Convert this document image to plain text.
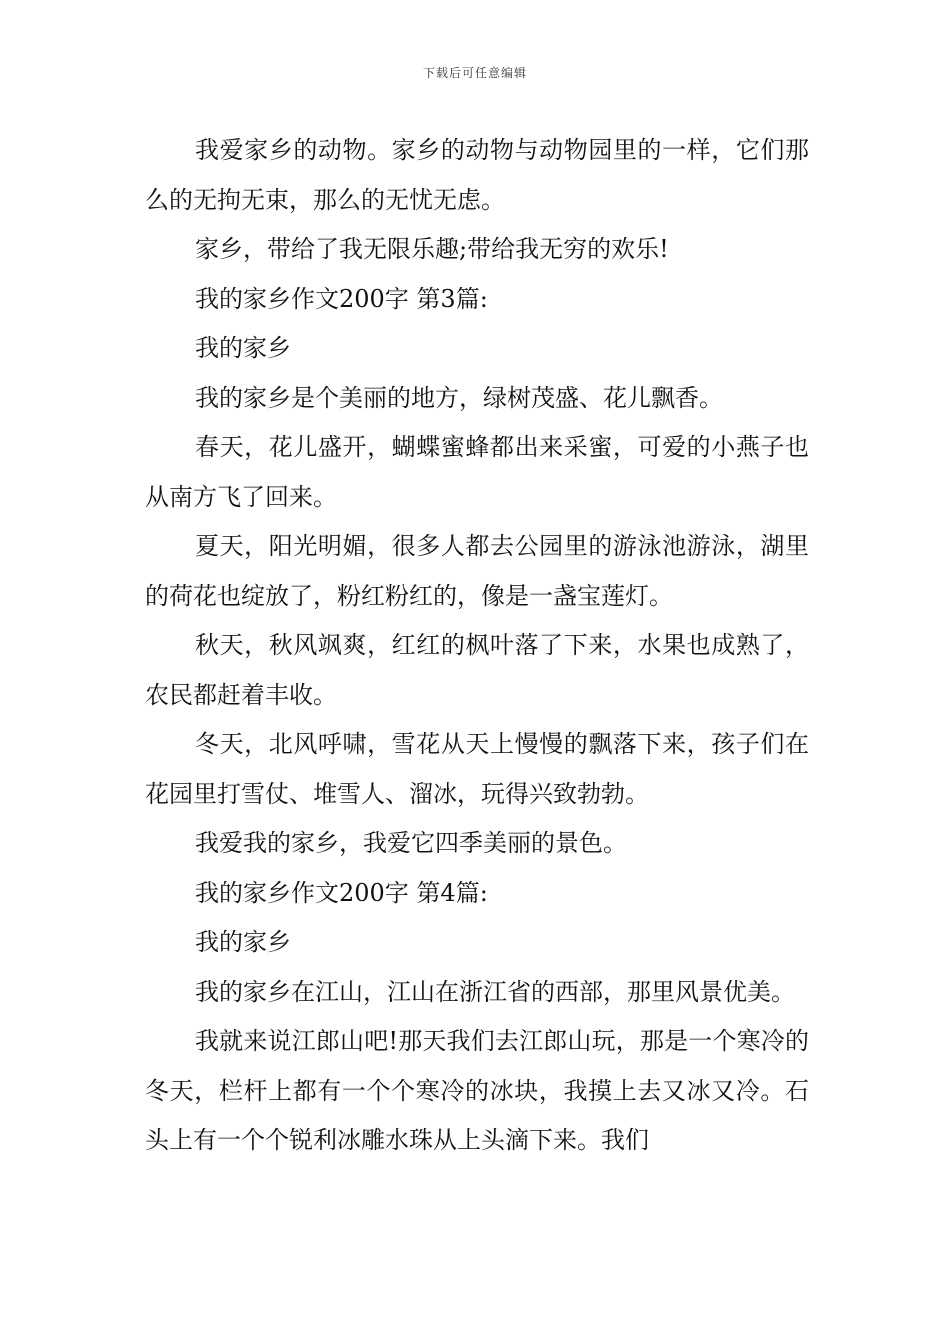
下载后可任意编辑

我爱家乡的动物。家乡的动物与动物园里的一样，它们那么的无拘无束，那么的无忧无虑。

家乡，带给了我无限乐趣;带给我无穷的欢乐!

我的家乡作文200字 第3篇:

我的家乡

我的家乡是个美丽的地方，绿树茂盛、花儿飘香。

春天，花儿盛开，蝴蝶蜜蜂都出来采蜜，可爱的小燕子也从南方飞了回来。

夏天，阳光明媚，很多人都去公园里的游泳池游泳，湖里的荷花也绽放了，粉红粉红的，像是一盏宝莲灯。

秋天，秋风飒爽，红红的枫叶落了下来，水果也成熟了，农民都赶着丰收。

冬天，北风呼啸，雪花从天上慢慢的飘落下来，孩子们在花园里打雪仗、堆雪人、溜冰，玩得兴致勃勃。

我爱我的家乡，我爱它四季美丽的景色。

我的家乡作文200字 第4篇:

我的家乡

我的家乡在江山，江山在浙江省的西部，那里风景优美。

我就来说江郎山吧!那天我们去江郎山玩，那是一个寒冷的冬天，栏杆上都有一个个寒冷的冰块，我摸上去又冰又冷。石头上有一个个锐利冰雕水珠从上头滴下来。我们
